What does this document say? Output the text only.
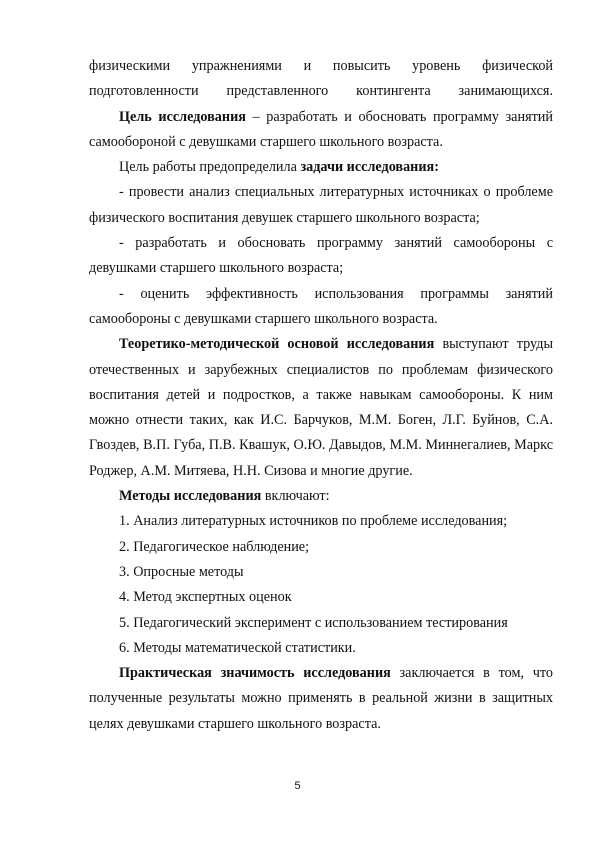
физическими упражнениями и повысить уровень физической подготовленности представленного контингента занимающихся.

Цель исследования – разработать и обосновать программу занятий самообороной с девушками старшего школьного возраста.

Цель работы предопределила задачи исследования:

- провести анализ специальных литературных источниках о проблеме физического воспитания девушек старшего школьного возраста;

- разработать и обосновать программу занятий самообороны с девушками старшего школьного возраста;

- оценить эффективность использования программы занятий самообороны с девушками старшего школьного возраста.

Теоретико-методической основой исследования выступают труды отечественных и зарубежных специалистов по проблемам физического воспитания детей и подростков, а также навыкам самообороны. К ним можно отнести таких, как И.С. Барчуков, М.М. Боген, Л.Г. Буйнов, С.А. Гвоздев, В.П. Губа, П.В. Квашук, О.Ю. Давыдов, М.М. Миннегалиев, Маркс Роджер, А.М. Митяева, Н.Н. Сизова и многие другие.

Методы исследования включают:

1. Анализ литературных источников по проблеме исследования;

2. Педагогическое наблюдение;

3. Опросные методы

4. Метод экспертных оценок

5. Педагогический эксперимент с использованием тестирования

6. Методы математической статистики.

Практическая значимость исследования заключается в том, что полученные результаты можно применять в реальной жизни в защитных целях девушками старшего школьного возраста.

5
